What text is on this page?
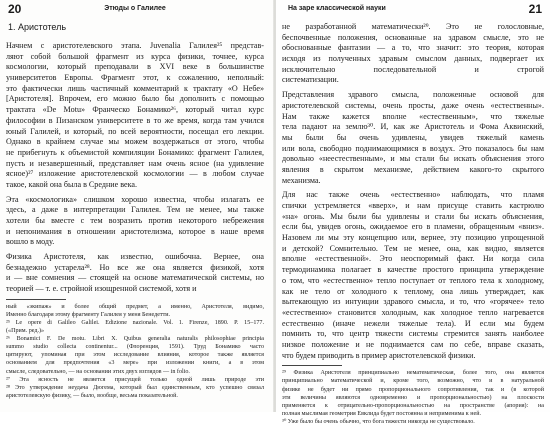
20	Этюды о Галилее
1. Аристотель
Начнем с аристотелевского этапа. Juvenalia Галилея²⁵ представ-
ляют собой большой фрагмент из курса физики, точнее, курса
космологии, который преподавали в XVI веке в большинстве
университетов Европы. Фрагмент этот, к сожалению, неполный:
это фактически лишь частичный комментарий к трактату «О Небе»
[Аристотеля]. Впрочем, его можно было бы дополнить с помощью
трактата «De Motu» Франческо Бонамико²⁶, который читал курс
философии в Пизанском университете в то же время, когда там учился
юный Галилей, и который, по всей вероятности, посещал его лекции.
Однако в крайнем случае мы можем воздержаться от этого, чтобы
не прибегнуть к объемистой компиляции Бонамико: фрагмент Галилея,
пусть и незавершенный, представляет нам очень ясное (на удивление
ясное)²⁷ изложение аристотелевской космологии — в любом случае
такое, какой она была в Средние века.
Эта «космологика» слишком хорошо известна, чтобы излагать ее
здесь, а даже в интерпретации Галилея. Тем не менее, мы также
хотели бы вместе с тем возразить против некоторого небрежения
и непонимания в отношении аристотелизма, которое в наше время
вошло в моду.
Физика Аристотеля, как известно, ошибочна. Вернее, она
безнадежно устарела²⁸. Но все же она является физикой, хотя
и — вне сомнения — стоящей на основе математической системы, но
теорией — т. е. стройной изощренной системой, хотя и
ный «экипаж» и более общий предмет, а именно, Аристотеля, видимо,
Именно благодаря этому фрагменту Галилея у меня Бенедетти.
²⁵ Le opere di Galileo Galilei. Edizione nazionale. Vol. 1. Firenze, 1890. P. 15–177.
(«Прим. ред.)»
²⁶ Bonamici F. De motu. Libri X. Quibus generalia naturalis philosophiae principia
summo studio collecta continentur... (Флоренция, 1591). Труд Бонамико часто
цитируют, упоминая при этом исследование влияния, которое также является
основанием для предпочтения «3 мере» при изложении книги, а в этом
смысле, следовательно, — на основании этих двух взглядов — in folio.
²⁷ Эта ясность не является присущей только одной лишь природе эти
²⁸ Это утверждение неудача Дюгема, который был единственным, кто успешно связал
аристотелевскую физику, — было, вообще, весьма показательной.
На заре классической науки	21
не разработанной математически²⁹. Это не голословные,
беспочвенные положения, основанные на здравом смысле, это не
обоснованные фантазии — а то, что значит: это теория, которая
исходя из полученных здравым смыслом данных, подвергает их
исключительно последовательной и строгой
систематизации.
Представления здравого смысла, положенные основой для
аристотелевской системы, очень просты, даже очень «естественны».
Нам также кажется вполне «естественным», что тяжелые
тела падают на землю³⁰. И, как же Аристотель и Фома Аквинский,
мы были бы очень удивлены, увидев тяжелый камень
или вола, свободно поднимающимися в воздух. Это показалось бы нам
довольно «неестественным», и мы стали бы искать объяснения этого
явления в скрытом механизме, действием какого-то скрытого
механизма.
Для нас также очень «естественно» наблюдать, что пламя
спички устремляется «вверх», и нам присуще ставить кастрюлю
«на» огонь. Мы были бы удивлены и стали бы искать объяснения,
если бы, увидев огонь, ожидаемое его в пламени, обращенным «вниз».
Назовем ли мы эту концепцию или, вернее, эту позицию упрощенной
и детской? Сомнительно. Тем не менее, она, как видно, является
вполне «естественной». Это неоспоримый факт. Ни когда сила
термодинамика полагает в качестве простого принципа утверждение
о том, что «естественно» тепло поступает от теплого тела к холодному,
как не тело от холодного к теплому, она лишь утверждает, как
вытекающую из интуиции здравого смысла, и то, что «горячее» тело
«естественно» становится холодным, как холодное тепло нагревается
естественно (иначе нежели тяжелые тела). И если мы будем
помнить то, что центр тяжести системы стремится занять наиболее
низкое положение и не поднимается сам по себе, вправе сказать,
что будем приводить в пример аристотелевской физики.
²⁹ Физика Аристотеля принципиально нематематическая, более того, она является
принципиально математической и, кроме того, возможно, что и в натуральной
физике не будет ни прямо пропорционального сопротивления, так и (в которой
эти величины являются одновременно и пропорциональностью) на плоскости
применяется к отрицательно-пропорциональностью на пространстве (апория): на
полная мыслимая геометрия Евклида будет постоянна и неприменима к ней.
³⁰ Уже было бы очень обычно, что бога тяжести никогда не существовало.
